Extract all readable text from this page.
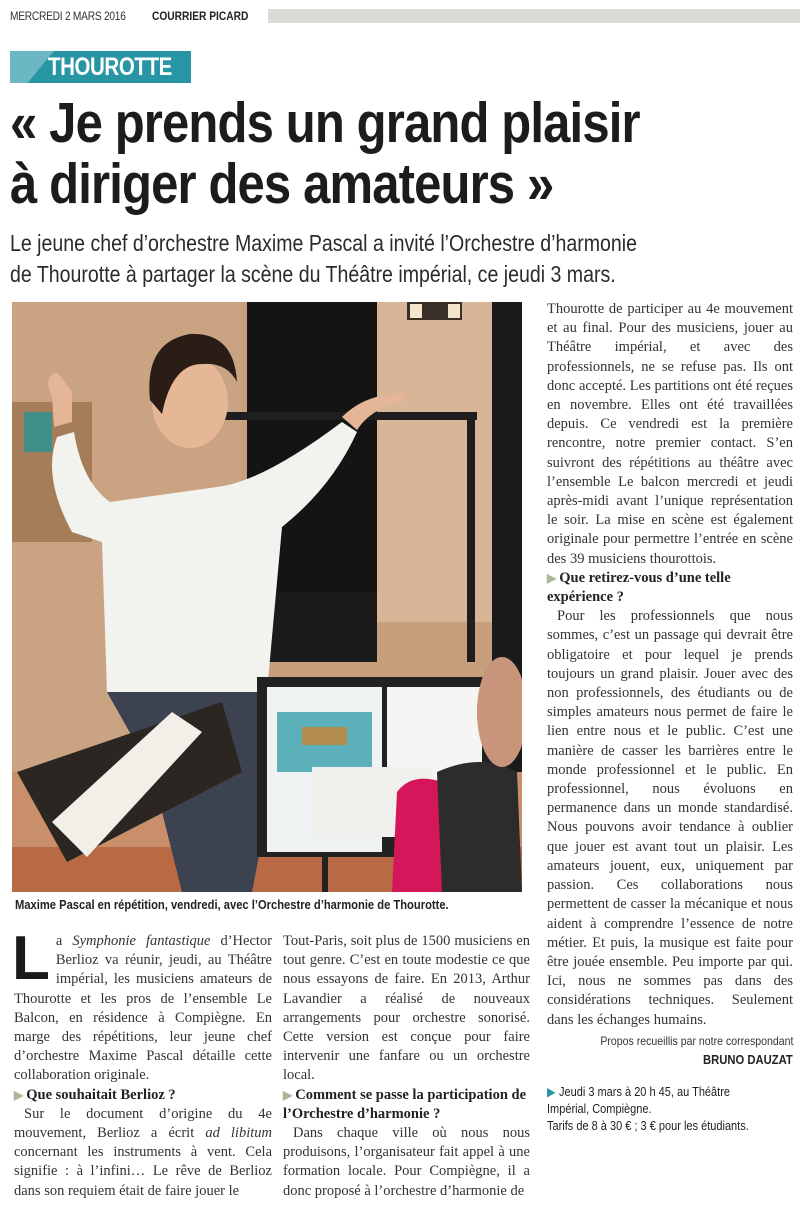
MERCREDI 2 MARS 2016 COURRIER PICARD
THOUROTTE
« Je prends un grand plaisir
à diriger des amateurs »
Le jeune chef d’orchestre Maxime Pascal a invité l’Orchestre d’harmonie
de Thourotte à partager la scène du Théâtre impérial, ce jeudi 3 mars.
Maxime Pascal en répétition, vendredi, avec l’Orchestre d’harmonie de Thourotte.

La Symphonie fantastique d’Hector Berlioz va réunir, jeudi, au Théâtre impérial, les musiciens amateurs de Thourotte et les pros de l’ensemble Le Balcon, en résidence à Compiègne. En marge des répétitions, leur jeune chef d’orchestre Maxime Pascal détaille cette collaboration originale.

▶ Que souhaitait Berlioz ?

Sur le document d’origine du 4e mouvement, Berlioz a écrit ad libitum concernant les instruments à vent. Cela signifie : à l’infini… Le rêve de Berlioz dans son requiem était de faire jouer le

Tout-Paris, soit plus de 1500 musiciens en tout genre. C’est en toute modestie ce que nous essayons de faire. En 2013, Arthur Lavandier a réalisé de nouveaux arrangements pour orchestre sonorisé. Cette version est conçue pour faire intervenir une fanfare ou un orchestre local.

▶ Comment se passe la participation de l’Orchestre d’harmonie ?

Dans chaque ville où nous nous produisons, l’organisateur fait appel à une formation locale. Pour Compiègne, il a donc proposé à l’orchestre d’harmonie de

Thourotte de participer au 4e mouvement et au final. Pour des musiciens, jouer au Théâtre impérial, et avec des professionnels, ne se refuse pas. Ils ont donc accepté. Les partitions ont été reçues en novembre. Elles ont été travaillées depuis. Ce vendredi est la première rencontre, notre premier contact. S’en suivront des répétitions au théâtre avec l’ensemble Le balcon mercredi et jeudi après-midi avant l’unique représentation le soir. La mise en scène est également originale pour permettre l’entrée en scène des 39 musiciens thourottois.

▶ Que retirez-vous d’une telle expérience ?

Pour les professionnels que nous sommes, c’est un passage qui devrait être obligatoire et pour lequel je prends toujours un grand plaisir. Jouer avec des non professionnels, des étudiants ou de simples amateurs nous permet de faire le lien entre nous et le public. C’est une manière de casser les barrières entre le monde professionnel et le public. En professionnel, nous évoluons en permanence dans un monde standardisé. Nous pouvons avoir tendance à oublier que jouer est avant tout un plaisir. Les amateurs jouent, eux, uniquement par passion. Ces collaborations nous permettent de casser la mécanique et nous aident à comprendre l’essence de notre métier. Et puis, la musique est faite pour être jouée ensemble. Peu importe par qui. Ici, nous ne sommes pas dans des considérations techniques. Seulement dans les échanges humains.

Propos recueillis par notre correspondant
BRUNO DAUZAT
▶ Jeudi 3 mars à 20 h 45, au Théâtre
Impérial, Compiègne.
Tarifs de 8 à 30 € ; 3 € pour les étudiants.
